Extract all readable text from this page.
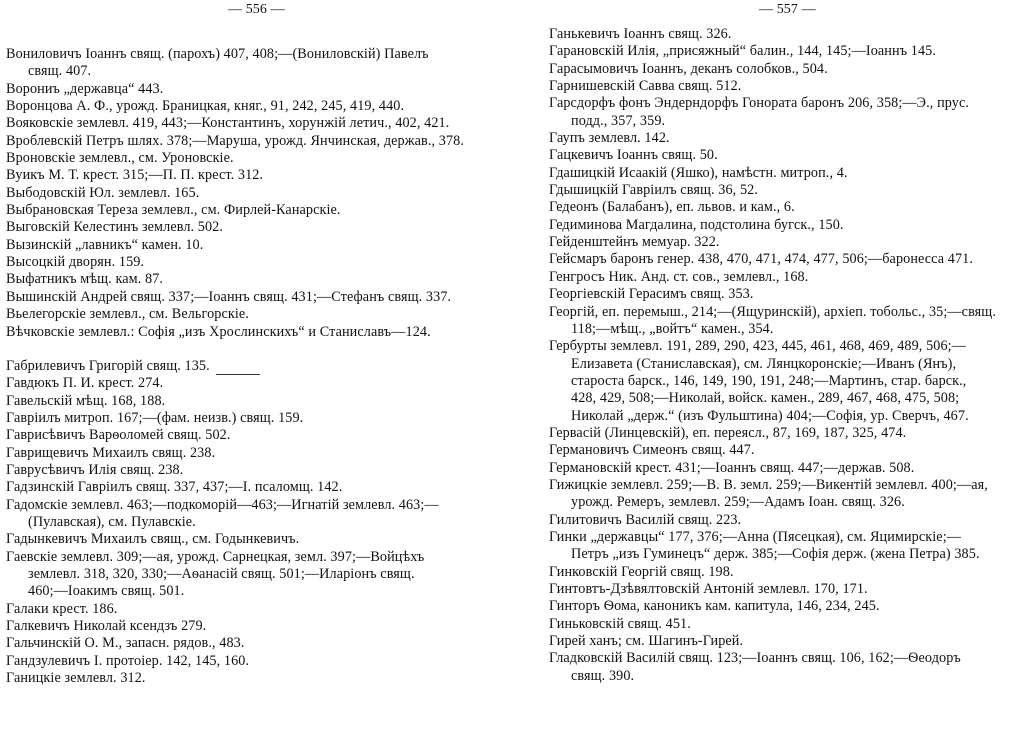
— 556 —
Вониловичъ Іоаннъ свящ. (парохъ) 407, 408;—(Вониловскій) Павелъ
свящ. 407.
Ворониъ „державца“ 443.
Воронцова А. Ф., урожд. Браницкая, княг., 91, 242, 245, 419, 440.
Вояковскіе землевл. 419, 443;—Константинъ, хорунжій летич., 402, 421.
Вроблевскій Петръ шлях. 378;—Маруша, урожд. Янчинская, держав., 378.
Вроновскіе землевл., см. Уроновскіе.
Вуикъ М. Т. крест. 315;—П. П. крест. 312.
Выбодовскій Юл. землевл. 165.
Выбрановская Тереза землевл., см. Фирлей-Канарскіе.
Выговскій Келестинъ землевл. 502.
Вызинскій „лавникъ“ камен. 10.
Высоцкій дворян. 159.
Выфатникъ мѣщ. кам. 87.
Вышинскій Андрей свящ. 337;—Іоаннъ свящ. 431;—Стефанъ свящ. 337.
Вьелегорскіе землевл., см. Вельгорскіе.
Вѣчковскіе землевл.: Софія „изъ Хрослинскихъ“ и Станиславъ—124.
Габрилевичъ Григорій свящ. 135.
Гавдюкъ П. И. крест. 274.
Гавельскій мѣщ. 168, 188.
Гавріилъ митроп. 167;—(фам. неизв.) свящ. 159.
Гаврисѣвичъ Варѳоломей свящ. 502.
Гаврищевичъ Михаилъ свящ. 238.
Гаврусѣвичъ Илія свящ. 238.
Гадзинскій Гавріилъ свящ. 337, 437;—І. псаломщ. 142.
Гадомскіе землевл. 463;—подкоморій—463;—Игнатій землевл. 463;—
(Пулавская), см. Пулавскіе.
Гадынкевичъ Михаилъ свящ., см. Годынкевичъ.
Гаевскіе землевл. 309;—ая, урожд. Сарнецкая, земл. 397;—Войцѣхъ
землевл. 318, 320, 330;—Аѳанасій свящ. 501;—Иларіонъ свящ.
460;—Іоакимъ свящ. 501.
Галаки крест. 186.
Галкевичъ Николай ксендзъ 279.
Гальчинскій О. М., запасн. рядов., 483.
Гандзулевичъ І. протоіер. 142, 145, 160.
Ганицкіе землевл. 312.
— 557 —
Ганькевичъ Іоаннъ свящ. 326.
Гарановскій Илія, „присяжный“ балин., 144, 145;—Іоаннъ 145.
Гарасымовичъ Іоаннъ, деканъ солобков., 504.
Гарнишевскій Савва свящ. 512.
Гарсдорфъ фонъ Эндерндорфъ Гонората баронъ 206, 358;—Э., прус.
подд., 357, 359.
Гаупъ землевл. 142.
Гацкевичъ Іоаннъ свящ. 50.
Гдашицкій Исаакій (Яшко), намѣстн. митроп., 4.
Гдышицкій Гавріилъ свящ. 36, 52.
Гедеонъ (Балабанъ), еп. львов. и кам., 6.
Гедиминова Магдалина, подстолина бугск., 150.
Гейденштейнъ мемуар. 322.
Гейсмаръ баронъ генер. 438, 470, 471, 474, 477, 506;—баронесса 471.
Генгросъ Ник. Анд. ст. сов., землевл., 168.
Георгіевскій Герасимъ свящ. 353.
Георгій, еп. перемыш., 214;—(Ящуринскій), архіеп. тобольс., 35;—свящ.
118;—мѣщ., „войтъ“ камен., 354.
Гербурты землевл. 191, 289, 290, 423, 445, 461, 468, 469, 489, 506;—
Елизавета (Станиславская), см. Лянцкоронскіе;—Иванъ (Янъ),
староста барск., 146, 149, 190, 191, 248;—Мартинъ, стар. барск.,
428, 429, 508;—Николай, войск. камен., 289, 467, 468, 475, 508;
Николай „держ.“ (изъ Фульштина) 404;—Софія, ур. Сверчъ, 467.
Гервасій (Линцевскій), еп. переясл., 87, 169, 187, 325, 474.
Германовичъ Симеонъ свящ. 447.
Германовскій крест. 431;—Іоаннъ свящ. 447;—держав. 508.
Гижицкіе землевл. 259;—В. В. земл. 259;—Викентій землевл. 400;—ая,
урожд. Ремеръ, землевл. 259;—Адамъ Іоан. свящ. 326.
Гилитовичъ Василій свящ. 223.
Гинки „державцы“ 177, 376;—Анна (Пясецкая), см. Яцимирскіе;—
Петръ „изъ Гуминецъ“ держ. 385;—Софія держ. (жена Петра) 385.
Гинковскій Георгій свящ. 198.
Гинтовтъ-Дзѣвялтовскій Антоній землевл. 170, 171.
Гинторъ Ѳома, каноникъ кам. капитула, 146, 234, 245.
Гиньковскій свящ. 451.
Гирей ханъ; см. Шагинъ-Гирей.
Гладковскій Василій свящ. 123;—Іоаннъ свящ. 106, 162;—Ѳеодоръ
свящ. 390.
